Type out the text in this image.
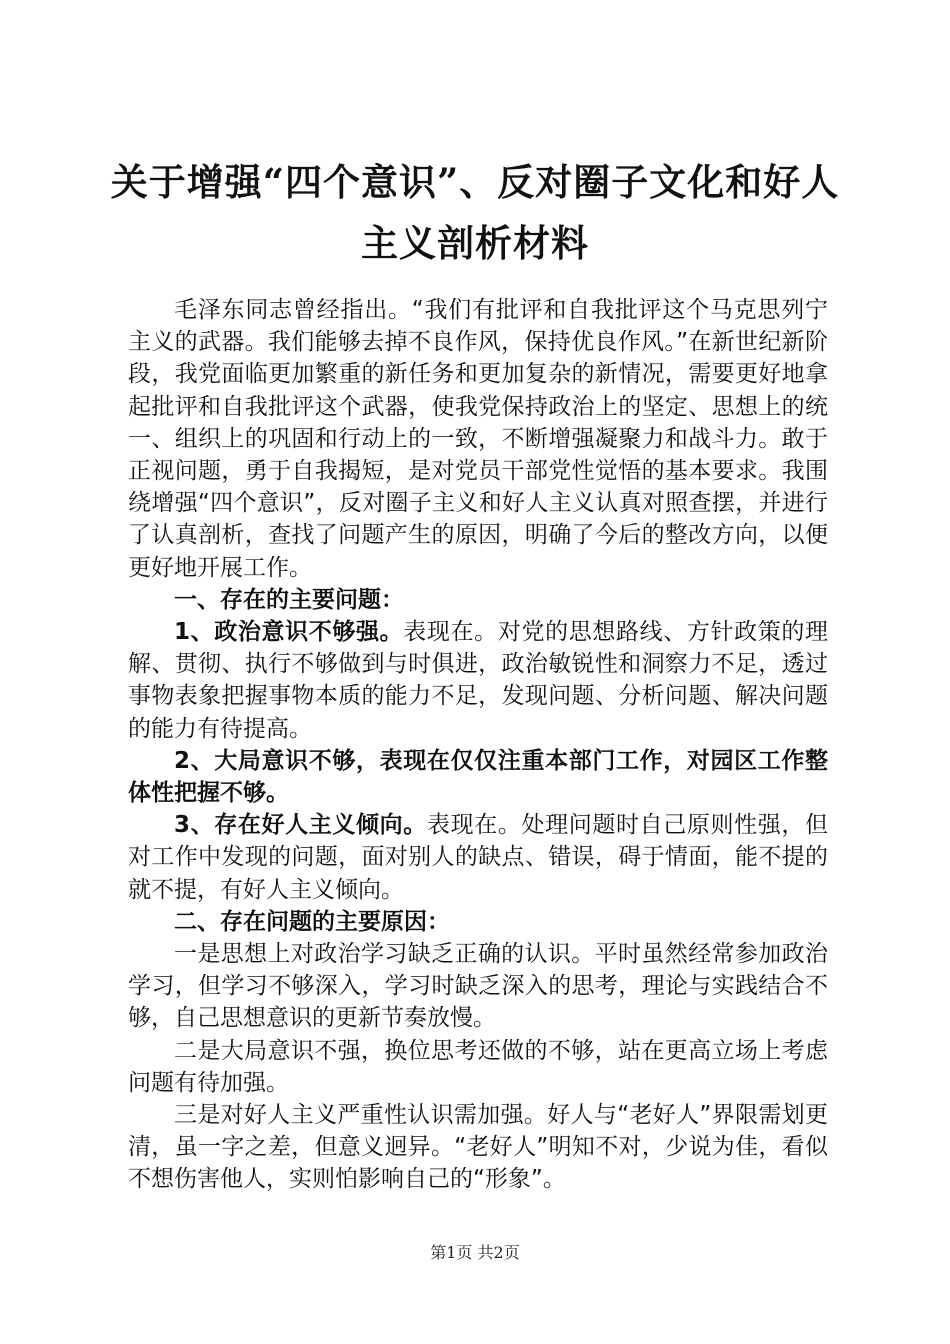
关于增强“四个意识”、反对圈子文化和好人
主义剖析材料

毛泽东同志曾经指出。“我们有批评和自我批评这个马克思列宁主义的武器。我们能够去掉不良作风，保持优良作风。”在新世纪新阶段，我党面临更加繁重的新任务和更加复杂的新情况，需要更好地拿起批评和自我批评这个武器，使我党保持政治上的坚定、思想上的统一、组织上的巩固和行动上的一致，不断增强凝聚力和战斗力。敢于正视问题，勇于自我揭短，是对党员干部党性觉悟的基本要求。我围绕增强“四个意识”，反对圈子主义和好人主义认真对照查摆，并进行了认真剖析，查找了问题产生的原因，明确了今后的整改方向，以便更好地开展工作。

一、存在的主要问题：

1、政治意识不够强。表现在。对党的思想路线、方针政策的理解、贯彻、执行不够做到与时俱进，政治敏锐性和洞察力不足，透过事物表象把握事物本质的能力不足，发现问题、分析问题、解决问题的能力有待提高。

2、大局意识不够，表现在仅仅注重本部门工作，对园区工作整体性把握不够。

3、存在好人主义倾向。表现在。处理问题时自己原则性强，但对工作中发现的问题，面对别人的缺点、错误，碍于情面，能不提的就不提，有好人主义倾向。

二、存在问题的主要原因：

一是思想上对政治学习缺乏正确的认识。平时虽然经常参加政治学习，但学习不够深入，学习时缺乏深入的思考，理论与实践结合不够，自己思想意识的更新节奏放慢。

二是大局意识不强，换位思考还做的不够，站在更高立场上考虑问题有待加强。

三是对好人主义严重性认识需加强。好人与“老好人”界限需划更清，虽一字之差，但意义迥异。“老好人”明知不对，少说为佳，看似不想伤害他人，实则怕影响自己的“形象”。

第1页 共2页
